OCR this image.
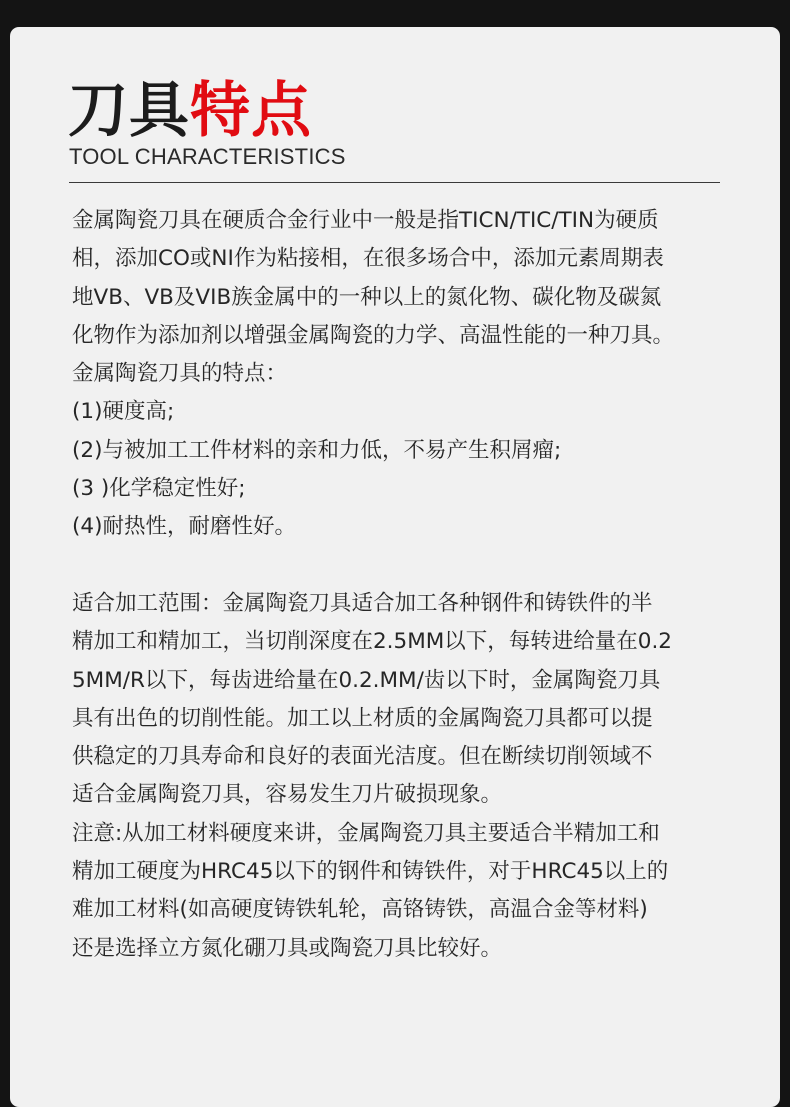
刀具特点
TOOL CHARACTERISTICS
金属陶瓷刀具在硬质合金行业中一般是指TICN/TIC/TIN为硬质
相，添加CO或NI作为粘接相，在很多场合中，添加元素周期表
地VB、VB及VIB族金属中的一种以上的氮化物、碳化物及碳氮
化物作为添加剂以增强金属陶瓷的力学、高温性能的一种刀具。
金属陶瓷刀具的特点：
(1)硬度高;
(2)与被加工工件材料的亲和力低，不易产生积屑瘤;
(3 )化学稳定性好;
(4)耐热性，耐磨性好。
适合加工范围：金属陶瓷刀具适合加工各种钢件和铸铁件的半
精加工和精加工，当切削深度在2.5MM以下，每转进给量在0.2
5MM/R以下，每齿进给量在0.2.MM/齿以下时，金属陶瓷刀具
具有出色的切削性能。加工以上材质的金属陶瓷刀具都可以提
供稳定的刀具寿命和良好的表面光洁度。但在断续切削领域不
适合金属陶瓷刀具，容易发生刀片破损现象。
注意:从加工材料硬度来讲，金属陶瓷刀具主要适合半精加工和
精加工硬度为HRC45以下的钢件和铸铁件，对于HRC45以上的
难加工材料(如高硬度铸铁轧轮，高铬铸铁，高温合金等材料)
还是选择立方氮化硼刀具或陶瓷刀具比较好。
